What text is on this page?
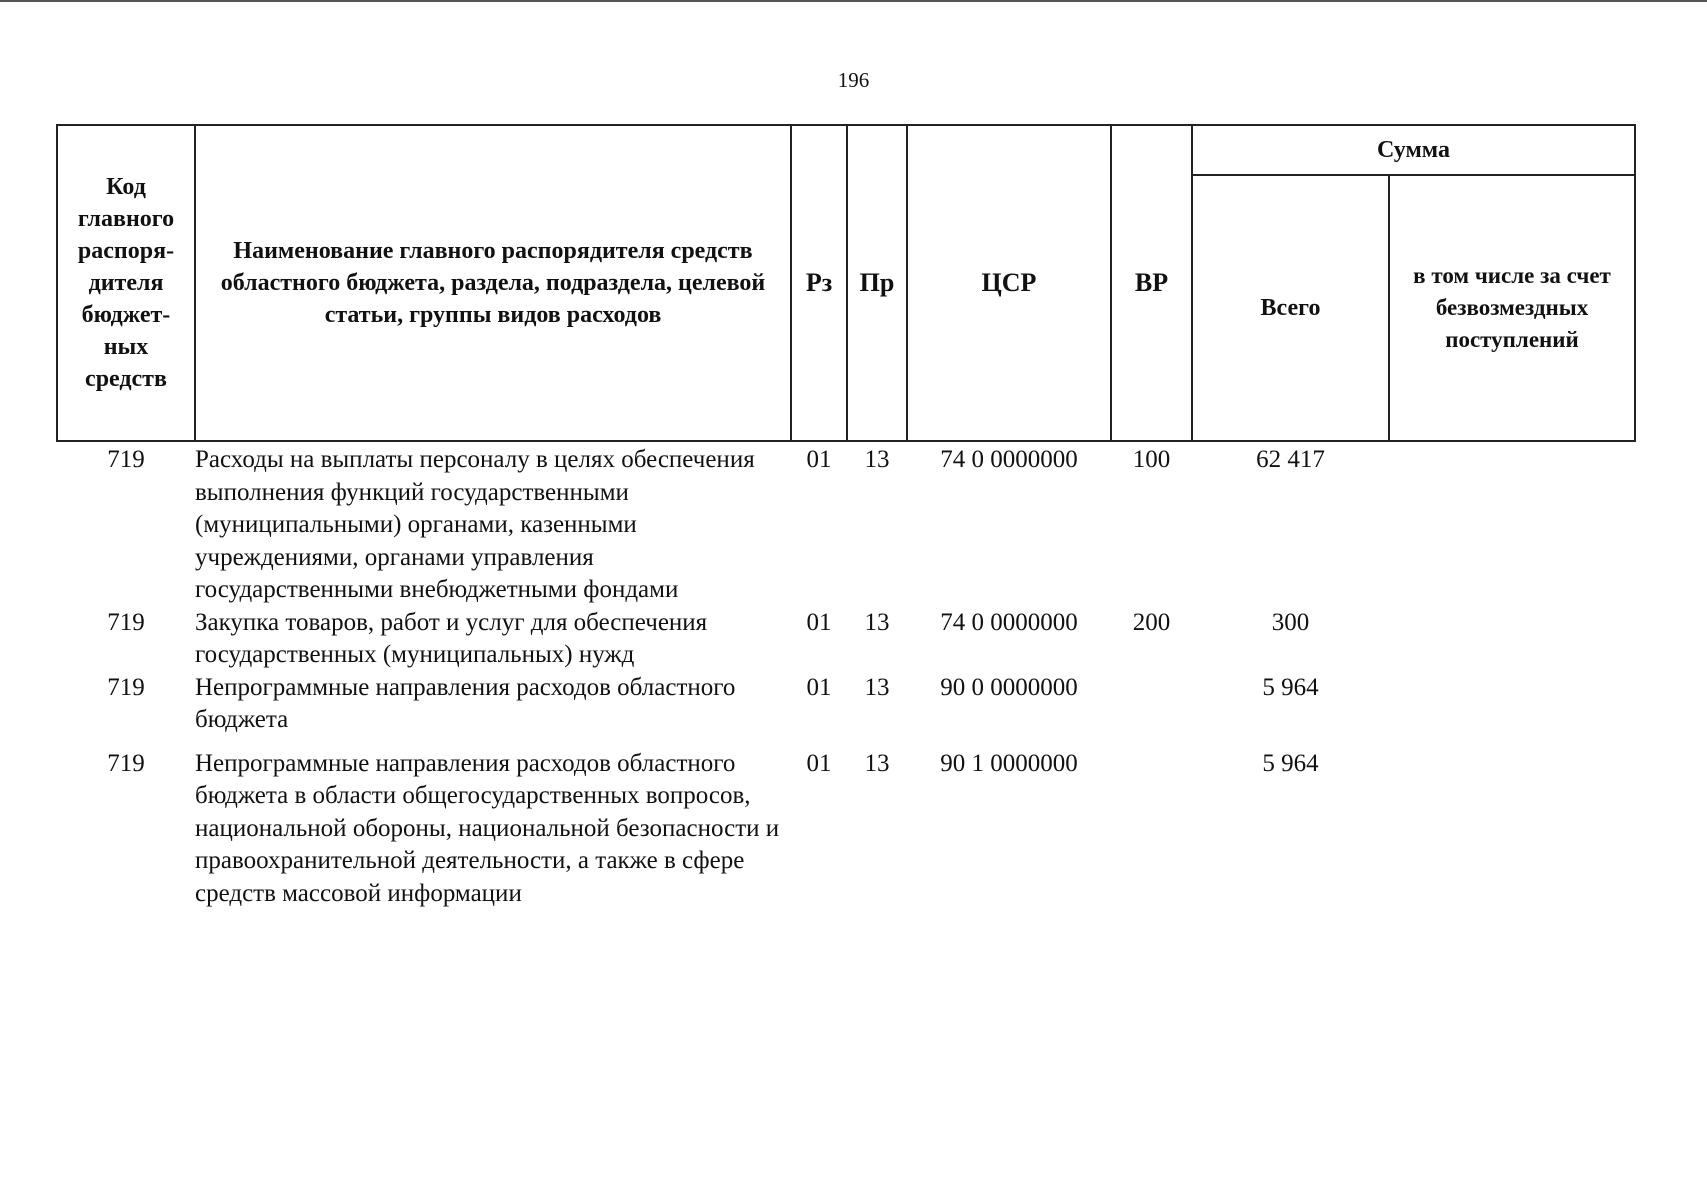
196
Код главного распоря-дителя бюджет-ных средств	Наименование главного распорядителя средств областного бюджета, раздела, подраздела, целевой статьи, группы видов расходов	Рз	Пр	ЦСР	ВР	Сумма	
						Всего	в том числе за счет безвозмездных поступлений
719	Расходы на выплаты персоналу в целях обеспечения выполнения функций государственными (муниципальными) органами, казенными учреждениями, органами управления государственными внебюджетными фондами	01	13	74 0 0000000	100	62 417	
719	Закупка товаров, работ и услуг для обеспечения государственных (муниципальных) нужд	01	13	74 0 0000000	200	300	
719	Непрограммные направления расходов областного бюджета	01	13	90 0 0000000		5 964	
719	Непрограммные направления расходов областного бюджета в области общегосударственных вопросов, национальной обороны, национальной безопасности и правоохранительной деятельности, а также в сфере средств массовой информации	01	13	90 1 0000000		5 964	
